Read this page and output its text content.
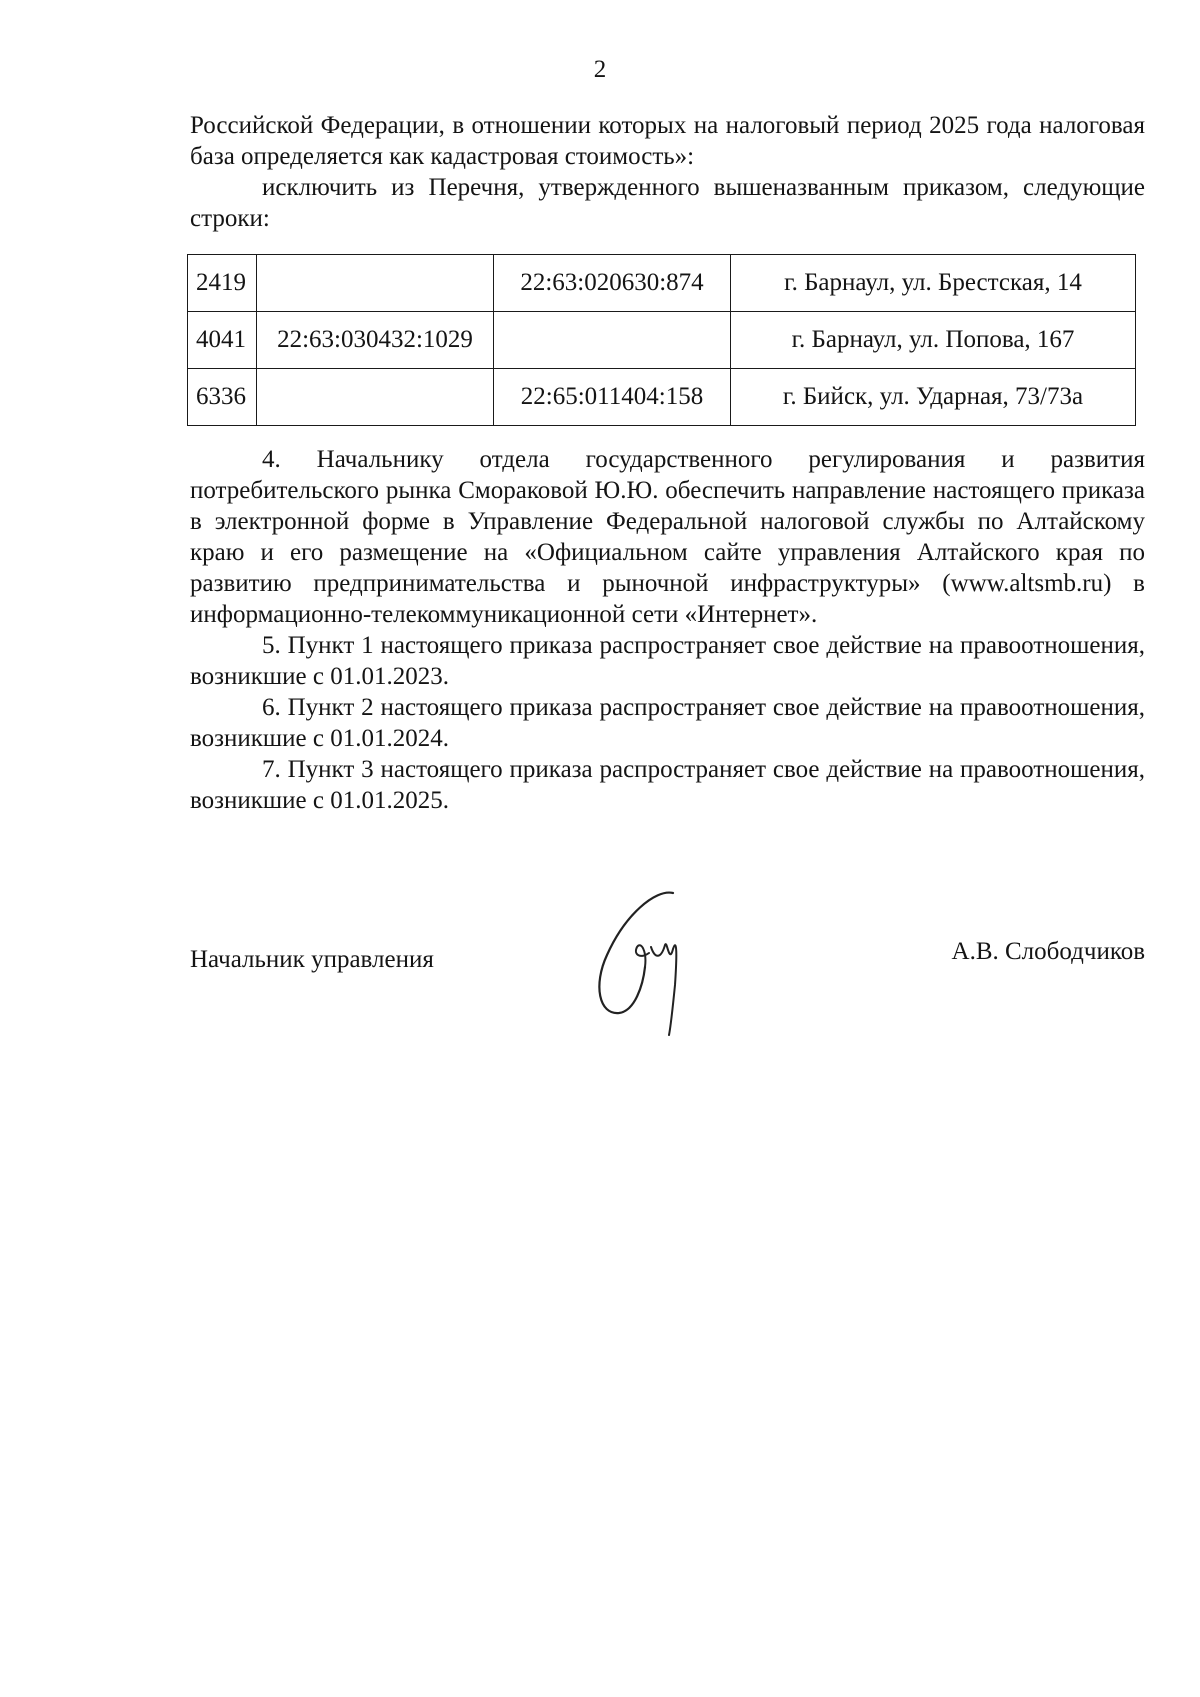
2

Российской Федерации, в отношении которых на налоговый период 2025 года налоговая база определяется как кадастровая стоимость»:

исключить из Перечня, утвержденного вышеназванным приказом, следующие строки:

2419		22:63:020630:874	г. Барнаул, ул. Брестская, 14
4041	22:63:030432:1029		г. Барнаул, ул. Попова, 167
6336		22:65:011404:158	г. Бийск, ул. Ударная, 73/73а

4. Начальнику отдела государственного регулирования и развития потребительского рынка Сморaковой Ю.Ю. обеспечить направление настоящего приказа в электронной форме в Управление Федеральной налоговой службы по Алтайскому краю и его размещение на «Официальном сайте управления Алтайского края по развитию предпринимательства и рыночной инфраструктуры» (www.altsmb.ru) в информационно-телекоммуникационной сети «Интернет».

5. Пункт 1 настоящего приказа распространяет свое действие на правоотношения, возникшие с 01.01.2023.

6. Пункт 2 настоящего приказа распространяет свое действие на правоотношения, возникшие с 01.01.2024.

7. Пункт 3 настоящего приказа распространяет свое действие на правоотношения, возникшие с 01.01.2025.

Начальник управления	А.В. Слободчиков
